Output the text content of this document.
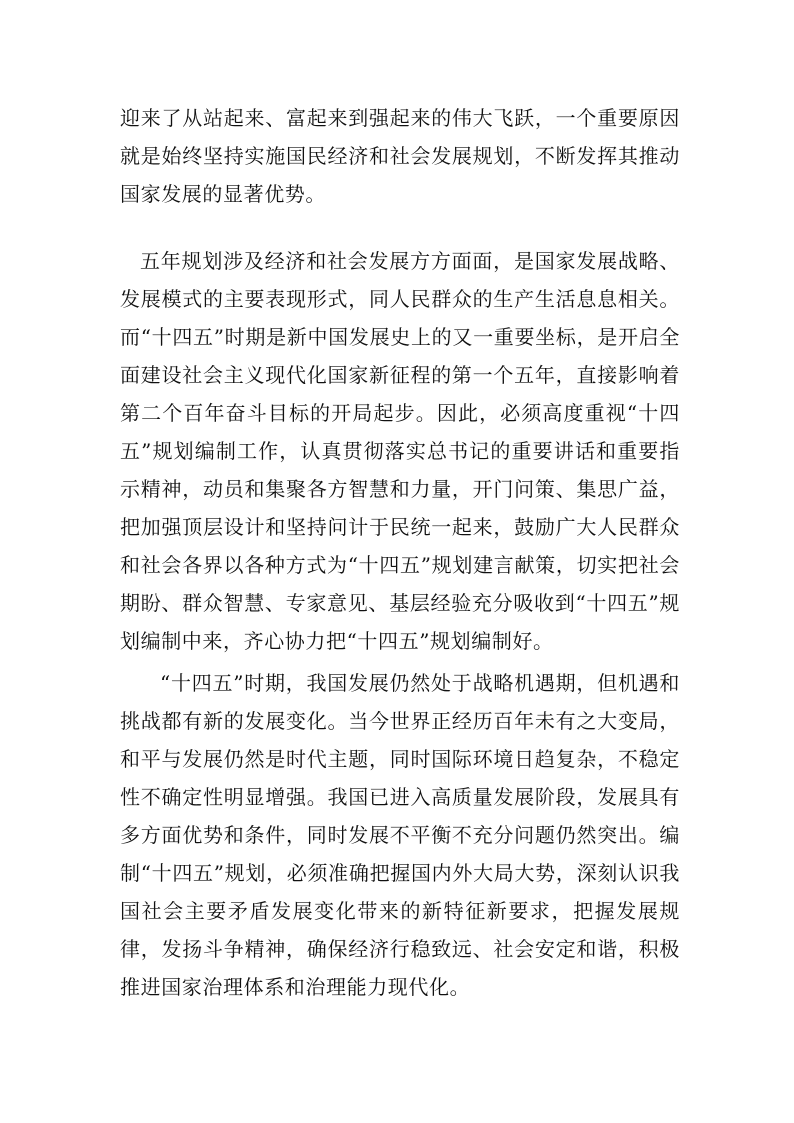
迎来了从站起来、富起来到强起来的伟大飞跃，一个重要原因就是始终坚持实施国民经济和社会发展规划，不断发挥其推动国家发展的显著优势。

五年规划涉及经济和社会发展方方面面，是国家发展战略、发展模式的主要表现形式，同人民群众的生产生活息息相关。而“十四五”时期是新中国发展史上的又一重要坐标，是开启全面建设社会主义现代化国家新征程的第一个五年，直接影响着第二个百年奋斗目标的开局起步。因此，必须高度重视“十四五”规划编制工作，认真贯彻落实总书记的重要讲话和重要指示精神，动员和集聚各方智慧和力量，开门问策、集思广益，把加强顶层设计和坚持问计于民统一起来，鼓励广大人民群众和社会各界以各种方式为“十四五”规划建言献策，切实把社会期盼、群众智慧、专家意见、基层经验充分吸收到“十四五”规划编制中来，齐心协力把“十四五”规划编制好。

“十四五”时期，我国发展仍然处于战略机遇期，但机遇和挑战都有新的发展变化。当今世界正经历百年未有之大变局，和平与发展仍然是时代主题，同时国际环境日趋复杂，不稳定性不确定性明显增强。我国已进入高质量发展阶段，发展具有多方面优势和条件，同时发展不平衡不充分问题仍然突出。编制“十四五”规划，必须准确把握国内外大局大势，深刻认识我国社会主要矛盾发展变化带来的新特征新要求，把握发展规律，发扬斗争精神，确保经济行稳致远、社会安定和谐，积极推进国家治理体系和治理能力现代化。
